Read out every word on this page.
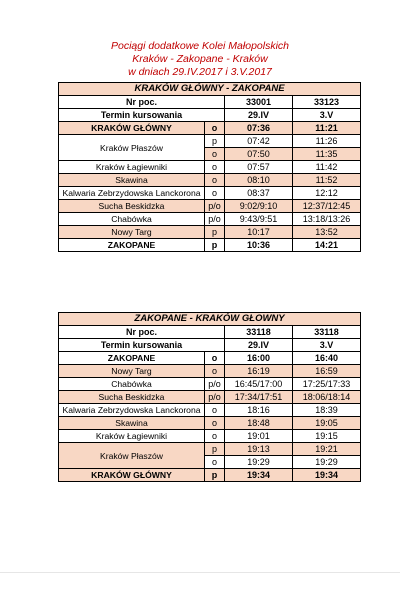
Pociągi dodatkowe Kolei Małopolskich
Kraków - Zakopane - Kraków
w dniach 29.IV.2017 i 3.V.2017
KRAKÓW GŁÓWNY - ZAKOPANE			
Nr poc.		33001	33123
Termin kursowania		29.IV	3.V
KRAKÓW GŁÓWNY	o	07:36	11:21
Kraków Płaszów	p	07:42	11:26
	o	07:50	11:35
Kraków Łagiewniki	o	07:57	11:42
Skawina	o	08:10	11:52
Kalwaria Zebrzydowska Lanckorona	o	08:37	12:12
Sucha Beskidzka	p/o	9:02/9:10	12:37/12:45
Chabówka	p/o	9:43/9:51	13:18/13:26
Nowy Targ	p	10:17	13:52
ZAKOPANE	p	10:36	14:21
ZAKOPANE - KRAKÓW GŁOWNY			
Nr poc.		33118	33118
Termin kursowania		29.IV	3.V
ZAKOPANE	o	16:00	16:40
Nowy Targ	o	16:19	16:59
Chabówka	p/o	16:45/17:00	17:25/17:33
Sucha Beskidzka	p/o	17:34/17:51	18:06/18:14
Kalwaria Zebrzydowska Lanckorona	o	18:16	18:39
Skawina	o	18:48	19:05
Kraków Łagiewniki	o	19:01	19:15
Kraków Płaszów	p	19:13	19:21
	o	19:29	19:29
KRAKÓW GŁÓWNY	p	19:34	19:34
